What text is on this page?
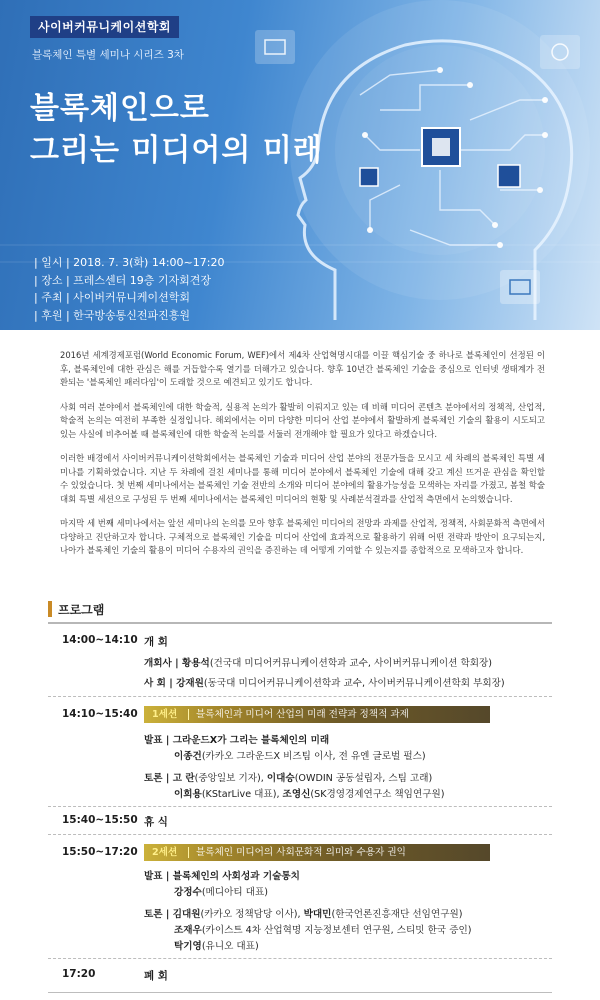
사이버커뮤니케이션학회
블록체인 특별 세미나 시리즈 3차
블록체인으로
그리는 미디어의 미래
| 일시 | 2018. 7. 3(화) 14:00~17:20
| 장소 | 프레스센터 19층 기자회견장
| 주최 | 사이버커뮤니케이션학회
| 후원 | 한국방송통신전파진흥원

2016년 세계경제포럼(World Economic Forum, WEF)에서 제4차 산업혁명시대를 이끌 핵심기술 중 하나로 블록체인이 선정된 이후, 블록체인에 대한 관심은 해를 거듭할수록 열기를 더해가고 있습니다. 향후 10년간 블록체인 기술을 중심으로 인터넷 생태계가 전환되는 '블록체인 패러다임'이 도래할 것으로 예견되고 있기도 합니다.

사회 여러 분야에서 블록체인에 대한 학술적, 실용적 논의가 활발히 이뤄지고 있는 데 비해 미디어 콘텐츠 분야에서의 정책적, 산업적, 학술적 논의는 여전히 부족한 실정입니다. 해외에서는 이미 다양한 미디어 산업 분야에서 활발하게 블록체인 기술의 활용이 시도되고 있는 사실에 비추어볼 때 블록체인에 대한 학술적 논의를 서둘러 전개해야 할 필요가 있다고 하겠습니다.

이러한 배경에서 사이버커뮤니케이션학회에서는 블록체인 기술과 미디어 산업 분야의 전문가들을 모시고 세 차례의 블록체인 특별 세미나를 기획하였습니다. 지난 두 차례에 걸친 세미나를 통해 미디어 분야에서 블록체인 기술에 대해 갖고 계신 뜨거운 관심을 확인할 수 있었습니다. 첫 번째 세미나에서는 블록체인 기술 전반의 소개와 미디어 분야에의 활용가능성을 모색하는 자리를 가졌고, 봄철 학술대회 특별 세션으로 구성된 두 번째 세미나에서는 블록체인 미디어의 현황 및 사례분석결과를 산업적 측면에서 논의했습니다.

마지막 세 번째 세미나에서는 앞선 세미나의 논의를 모아 향후 블록체인 미디어의 전망과 과제를 산업적, 정책적, 사회문화적 측면에서 다양하고 진단하고자 합니다. 구체적으로 블록체인 기술을 미디어 산업에 효과적으로 활용하기 위해 어떤 전략과 방안이 요구되는지, 나아가 블록체인 기술의 활용이 미디어 수용자의 권익을 증진하는 데 어떻게 기여할 수 있는지를 종합적으로 모색하고자 합니다.

프로그램
14:00~14:10 개 회
개회사 | 황용석(건국대 미디어커뮤니케이션학과 교수, 사이버커뮤니케이션 학회장)
사 회 | 강재원(동국대 미디어커뮤니케이션학과 교수, 사이버커뮤니케이션학회 부회장)
14:10~15:40 1세션 블록체인과 미디어 산업의 미래 전략과 정책적 과제
발표 | 그라운드X가 그리는 블록체인의 미래
이종건(카카오 그라운드X 비즈팀 이사, 전 유엔 글로벌 펄스)
토론 | 고 란(중앙일보 기자), 이대승(OWDIN 공동설립자, 스팀 고래)
이희용(KStarLive 대표), 조영신(SK경영경제연구소 책임연구원)
15:40~15:50 휴 식
15:50~17:20 2세션 블록체인 미디어의 사회문화적 의미와 수용자 권익
발표 | 블록체인의 사회성과 기술통치
강정수(메디아티 대표)
토론 | 김대원(카카오 정책담당 이사), 박대민(한국언론진흥재단 선임연구원)
조재우(카이스트 4차 산업혁명 지능정보센터 연구원, 스티밋 한국 증인)
탁기영(유니오 대표)
17:20	폐 회
